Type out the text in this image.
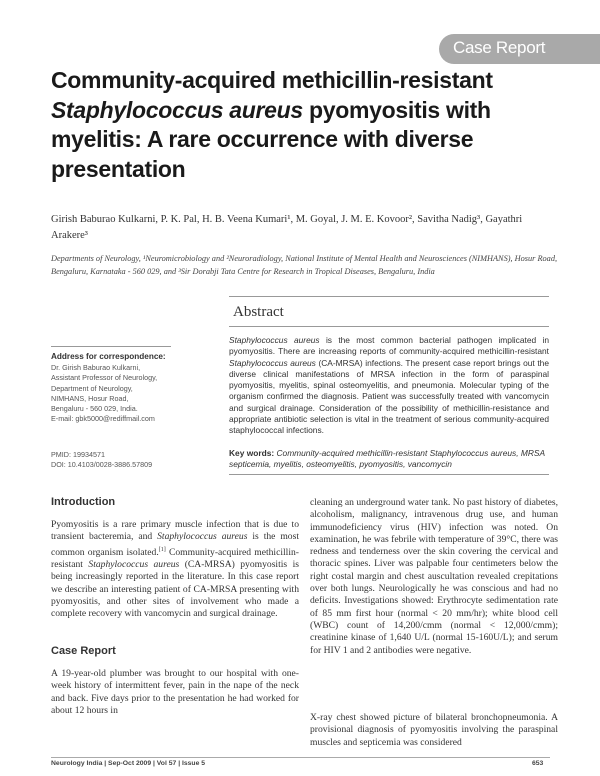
Case Report
Community-acquired methicillin-resistant
Staphylococcus aureus pyomyositis with
myelitis: A rare occurrence with diverse
presentation
Girish Baburao Kulkarni, P. K. Pal, H. B. Veena Kumari¹, M. Goyal, J. M. E. Kovoor², Savitha Nadig³, Gayathri Arakere³
Departments of Neurology, ¹Neuromicrobiology and ²Neuroradiology, National Institute of Mental Health and Neurosciences (NIMHANS), Hosur Road, Bengaluru, Karnataka - 560 029, and ³Sir Dorabji Tata Centre for Research in Tropical Diseases, Bengaluru, India
Abstract
Staphylococcus aureus is the most common bacterial pathogen implicated in pyomyositis. There are increasing reports of community-acquired methicillin-resistant Staphylococcus aureus (CA-MRSA) infections. The present case report brings out the diverse clinical manifestations of MRSA infection in the form of paraspinal pyomyositis, myelitis, spinal osteomyelitis, and pneumonia. Molecular typing of the organism confirmed the diagnosis. Patient was successfully treated with vancomycin and surgical drainage. Consideration of the possibility of methicillin-resistance and appropriate antibiotic selection is vital in the treatment of serious community-acquired staphylococcal infections.
Key words: Community-acquired methicillin-resistant Staphylococcus aureus, MRSA septicemia, myelitis, osteomyelitis, pyomyositis, vancomycin
Address for correspondence:
Dr. Girish Baburao Kulkarni,
Assistant Professor of Neurology,
Department of Neurology,
NIMHANS, Hosur Road,
Bengaluru - 560 029, India.
E-mail: gbk5000@rediffmail.com
PMID: 19934571
DOI: 10.4103/0028-3886.57809
Introduction

Pyomyositis is a rare primary muscle infection that is due to transient bacteremia, and Staphylococcus aureus is the most common organism isolated.[1] Community-acquired methicillin-resistant Staphylococcus aureus (CA-MRSA) pyomyositis is being increasingly reported in the literature. In this case report we describe an interesting patient of CA-MRSA presenting with pyomyositis, and other sites of involvement who made a complete recovery with vancomycin and surgical drainage.

Case Report

A 19-year-old plumber was brought to our hospital with one-week history of intermittent fever, pain in the nape of the neck and back. Five days prior to the presentation he had worked for about 12 hours in

cleaning an underground water tank. No past history of diabetes, alcoholism, malignancy, intravenous drug use, and human immunodeficiency virus (HIV) infection was noted. On examination, he was febrile with temperature of 39°C, there was redness and tenderness over the skin covering the cervical and thoracic spines. Liver was palpable four centimeters below the right costal margin and chest auscultation revealed crepitations over both lungs. Neurologically he was conscious and had no deficits. Investigations showed: Erythrocyte sedimentation rate of 85 mm first hour (normal < 20 mm/hr); white blood cell (WBC) count of 14,200/cmm (normal < 12,000/cmm); creatinine kinase of 1,640 U/L (normal 15-160U/L); and serum for HIV 1 and 2 antibodies were negative.

X-ray chest showed picture of bilateral bronchopneumonia. A provisional diagnosis of pyomyositis involving the paraspinal muscles and septicemia was considered

Neurology India | Sep-Oct 2009 | Vol 57 | Issue 5	653
